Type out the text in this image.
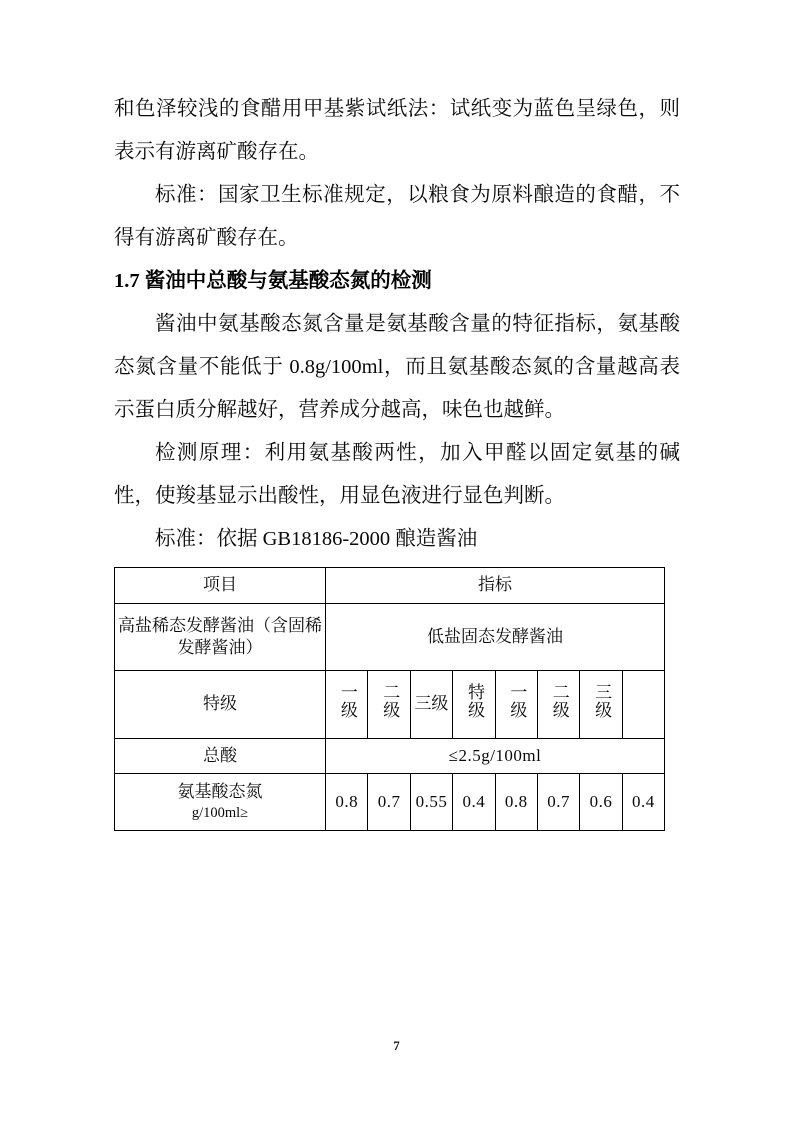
和色泽较浅的食醋用甲基紫试纸法：试纸变为蓝色呈绿色，则表示有游离矿酸存在。

标准：国家卫生标准规定，以粮食为原料酿造的食醋，不得有游离矿酸存在。

1.7 酱油中总酸与氨基酸态氮的检测

酱油中氨基酸态氮含量是氨基酸含量的特征指标，氨基酸态氮含量不能低于 0.8g/100ml，而且氨基酸态氮的含量越高表示蛋白质分解越好，营养成分越高，味色也越鲜。

检测原理：利用氨基酸两性，加入甲醛以固定氨基的碱性，使羧基显示出酸性，用显色液进行显色判断。

标准：依据 GB18186-2000 酿造酱油

项目	指标							
高盐稀态发酵酱油（含固稀发酵酱油）	低盐固态发酵酱油							
特级	一级	二级	三级	特级	一级	二级	三级	
总酸	≤2.5g/100ml							
氨基酸态氮
g/100ml≥	0.8	0.7	0.55	0.4	0.8	0.7	0.6	0.4
7
